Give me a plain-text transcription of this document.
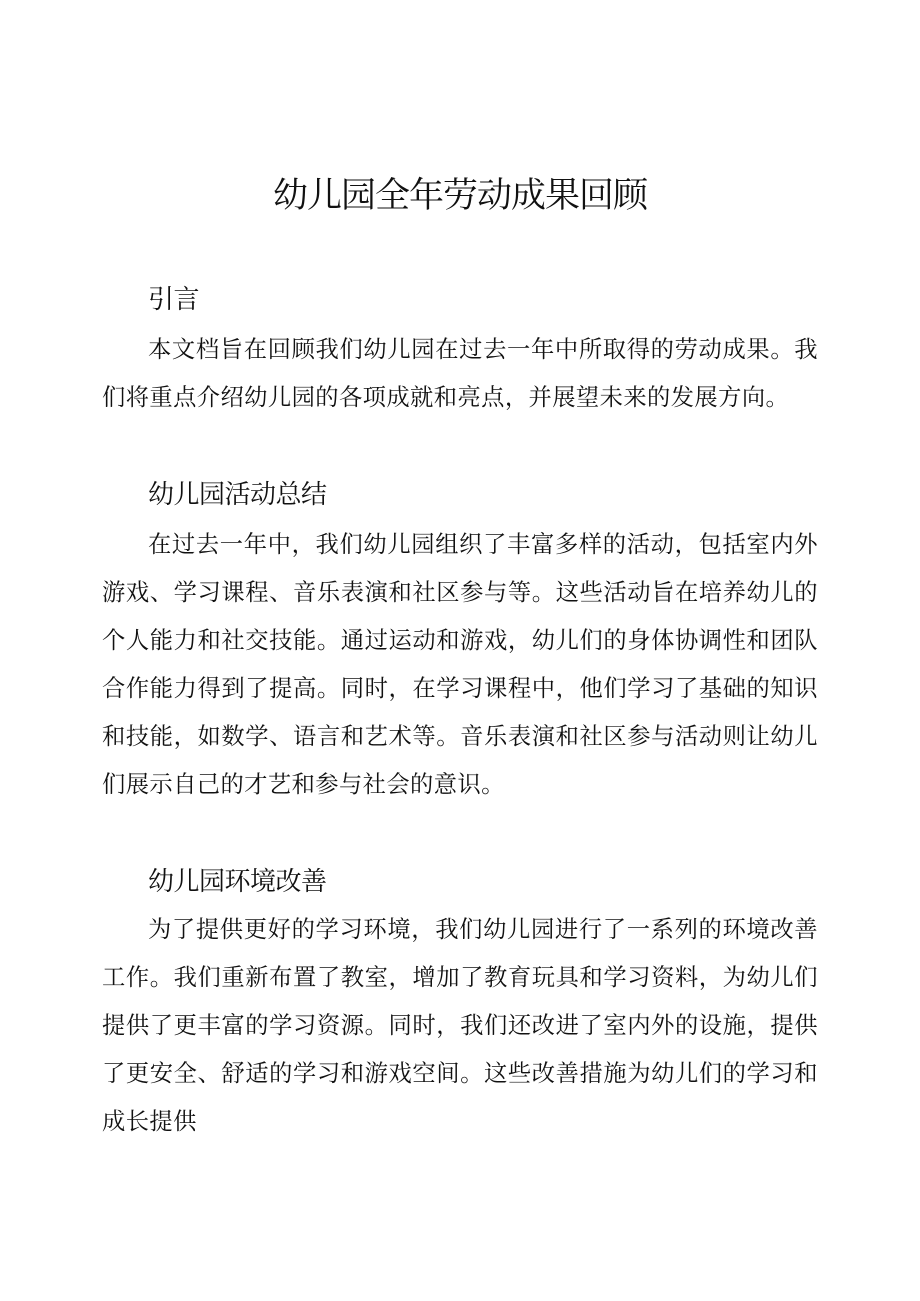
幼儿园全年劳动成果回顾
引言

本文档旨在回顾我们幼儿园在过去一年中所取得的劳动成果。我们将重点介绍幼儿园的各项成就和亮点，并展望未来的发展方向。

幼儿园活动总结

在过去一年中，我们幼儿园组织了丰富多样的活动，包括室内外游戏、学习课程、音乐表演和社区参与等。这些活动旨在培养幼儿的个人能力和社交技能。通过运动和游戏，幼儿们的身体协调性和团队合作能力得到了提高。同时，在学习课程中，他们学习了基础的知识和技能，如数学、语言和艺术等。音乐表演和社区参与活动则让幼儿们展示自己的才艺和参与社会的意识。

幼儿园环境改善

为了提供更好的学习环境，我们幼儿园进行了一系列的环境改善工作。我们重新布置了教室，增加了教育玩具和学习资料，为幼儿们提供了更丰富的学习资源。同时，我们还改进了室内外的设施，提供了更安全、舒适的学习和游戏空间。这些改善措施为幼儿们的学习和成长提供
